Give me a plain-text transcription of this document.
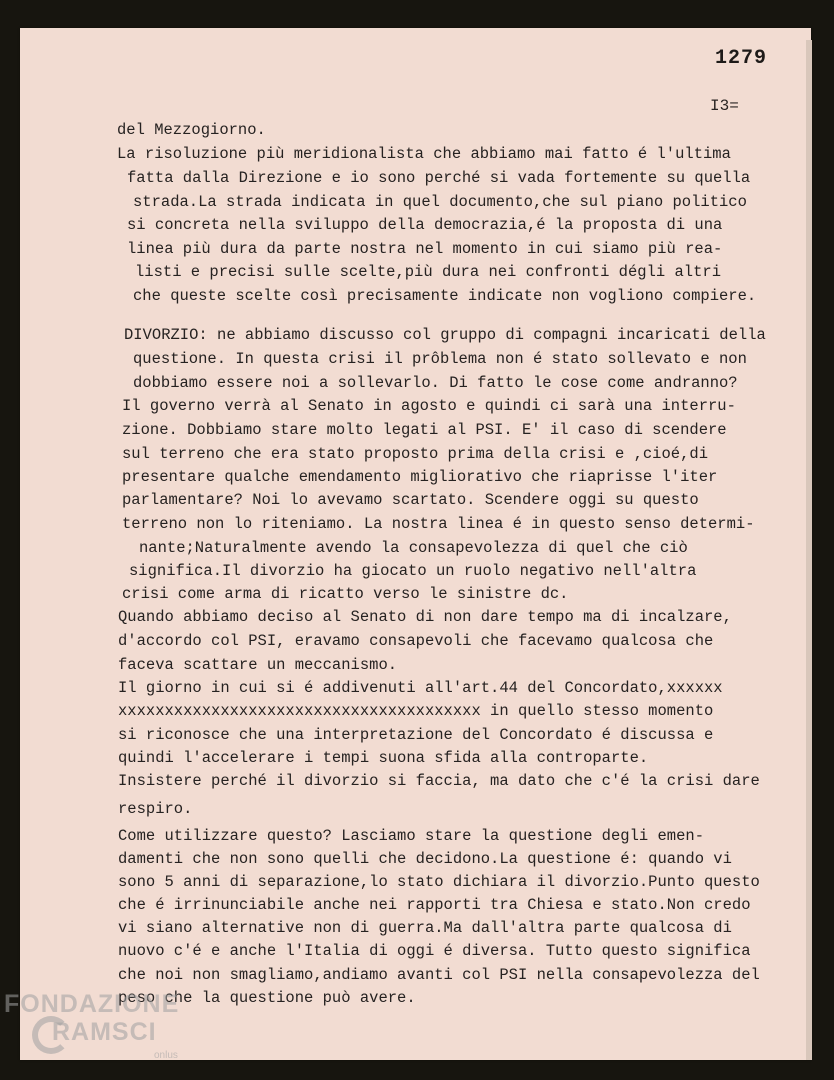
1279
I3=
del Mezzogiorno.
La risoluzione più meridionalista che abbiamo mai fatto é l'ultima
fatta dalla Direzione e io sono perché si vada fortemente su quella
strada.La strada indicata in quel documento,che sul piano politico
si concreta nella sviluppo della democrazia,é la proposta di una
linea più dura da parte nostra nel momento in cui siamo più rea-
listi e precisi sulle scelte,più dura nei confronti dégli altri
che queste scelte così precisamente indicate non vogliono compiere.
DIVORZIO: ne abbiamo discusso col gruppo di compagni incaricati della
questione. In questa crisi il prôblema non é stato sollevato e non
dobbiamo essere noi a sollevarlo. Di fatto le cose come andranno?
Il governo verrà al Senato in agosto e quindi ci sarà una interru-
zione. Dobbiamo stare molto legati al PSI. E' il caso di scendere
sul terreno che era stato proposto prima della crisi e ,cioé,di
presentare qualche emendamento migliorativo che riaprisse l'iter
parlamentare? Noi lo avevamo scartato. Scendere oggi su questo
terreno non lo riteniamo. La nostra linea é in questo senso determi-
nante;Naturalmente avendo la consapevolezza di quel che ciò
significa.Il divorzio ha giocato un ruolo negativo nell'altra
crisi come arma di ricatto verso le sinistre dc.
Quando abbiamo deciso al Senato di non dare tempo ma di incalzare,
d'accordo col PSI, eravamo consapevoli che facevamo qualcosa che
faceva scattare un meccanismo.
Il giorno in cui si é addivenuti all'art.44 del Concordato,xxxxxx
xxxxxxxxxxxxxxxxxxxxxxxxxxxxxxxxxxxxxxx in quello stesso momento
si riconosce che una interpretazione del Concordato é discussa e
quindi l'accelerare i tempi suona sfida alla controparte.
Insistere perché il divorzio si faccia, ma dato che c'é la crisi dare
respiro.
Come utilizzare questo? Lasciamo stare la questione degli emen-
damenti che non sono quelli che decidono.La questione é: quando vi
sono 5 anni di separazione,lo stato dichiara il divorzio.Punto questo
che é irrinunciabile anche nei rapporti tra Chiesa e stato.Non credo
vi siano alternative non di guerra.Ma dall'altra parte qualcosa di
nuovo c'é e anche l'Italia di oggi é diversa. Tutto questo significa
che noi non smagliamo,andiamo avanti col PSI nella consapevolezza del
peso che la questione può avere.
FONDAZIONE
RAMSCI
onlus
